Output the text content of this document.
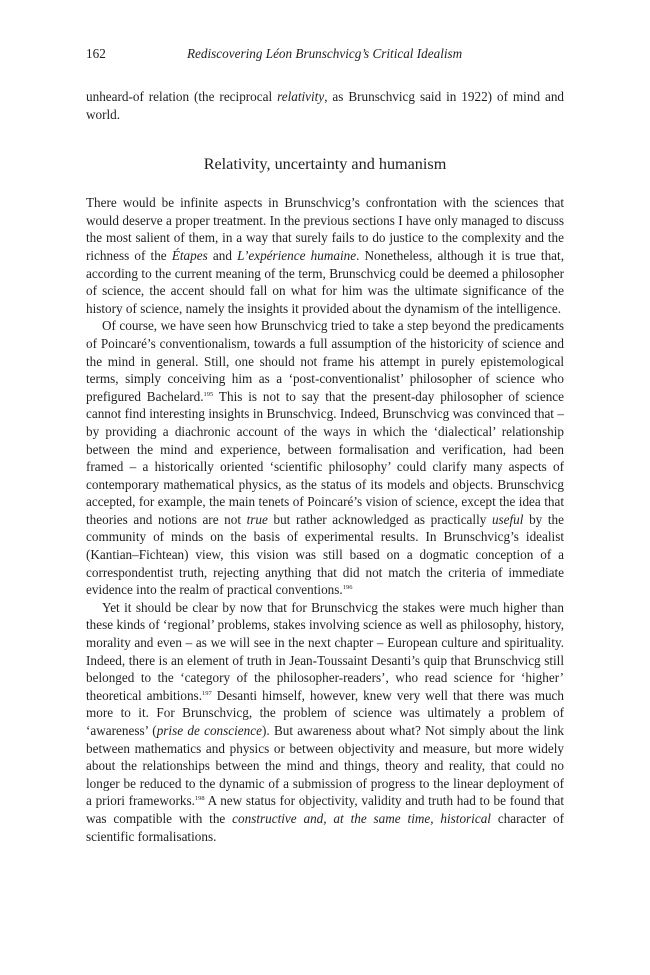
162	Rediscovering Léon Brunschvicg’s Critical Idealism

unheard-of relation (the reciprocal relativity, as Brunschvicg said in 1922) of mind and world.

Relativity, uncertainty and humanism

There would be infinite aspects in Brunschvicg’s confrontation with the sciences that would deserve a proper treatment. In the previous sections I have only managed to discuss the most salient of them, in a way that surely fails to do justice to the complexity and the richness of the Étapes and L’expérience humaine. Nonetheless, although it is true that, according to the current meaning of the term, Brunschvicg could be deemed a philosopher of science, the accent should fall on what for him was the ultimate significance of the history of science, namely the insights it provided about the dynamism of the intelligence.

Of course, we have seen how Brunschvicg tried to take a step beyond the predicaments of Poincaré’s conventionalism, towards a full assumption of the historicity of science and the mind in general. Still, one should not frame his attempt in purely epistemological terms, simply conceiving him as a ‘post-conventionalist’ philosopher of science who prefigured Bachelard.$^{195}$ This is not to say that the present-day philosopher of science cannot find interesting insights in Brunschvicg. Indeed, Brunschvicg was convinced that – by providing a diachronic account of the ways in which the ‘dialectical’ relationship between the mind and experience, between formalisation and verification, had been framed – a historically oriented ‘scientific philosophy’ could clarify many aspects of contemporary mathematical physics, as the status of its models and objects. Brunschvicg accepted, for example, the main tenets of Poincaré’s vision of science, except the idea that theories and notions are not true but rather acknowledged as practically useful by the community of minds on the basis of experimental results. In Brunschvicg’s idealist (Kantian–Fichtean) view, this vision was still based on a dogmatic conception of a correspondentist truth, rejecting anything that did not match the criteria of immediate evidence into the realm of practical conventions.$^{196}$

Yet it should be clear by now that for Brunschvicg the stakes were much higher than these kinds of ‘regional’ problems, stakes involving science as well as philosophy, history, morality and even – as we will see in the next chapter – European culture and spirituality. Indeed, there is an element of truth in Jean-Toussaint Desanti’s quip that Brunschvicg still belonged to the ‘category of the philosopher-readers’, who read science for ‘higher’ theoretical ambitions.$^{197}$ Desanti himself, however, knew very well that there was much more to it. For Brunschvicg, the problem of science was ultimately a problem of ‘awareness’ (prise de conscience). But awareness about what? Not simply about the link between mathematics and physics or between objectivity and measure, but more widely about the relationships between the mind and things, theory and reality, that could no longer be reduced to the dynamic of a submission of progress to the linear deployment of a priori frameworks.$^{198}$ A new status for objectivity, validity and truth had to be found that was compatible with the constructive and, at the same time, historical character of scientific formalisations.
